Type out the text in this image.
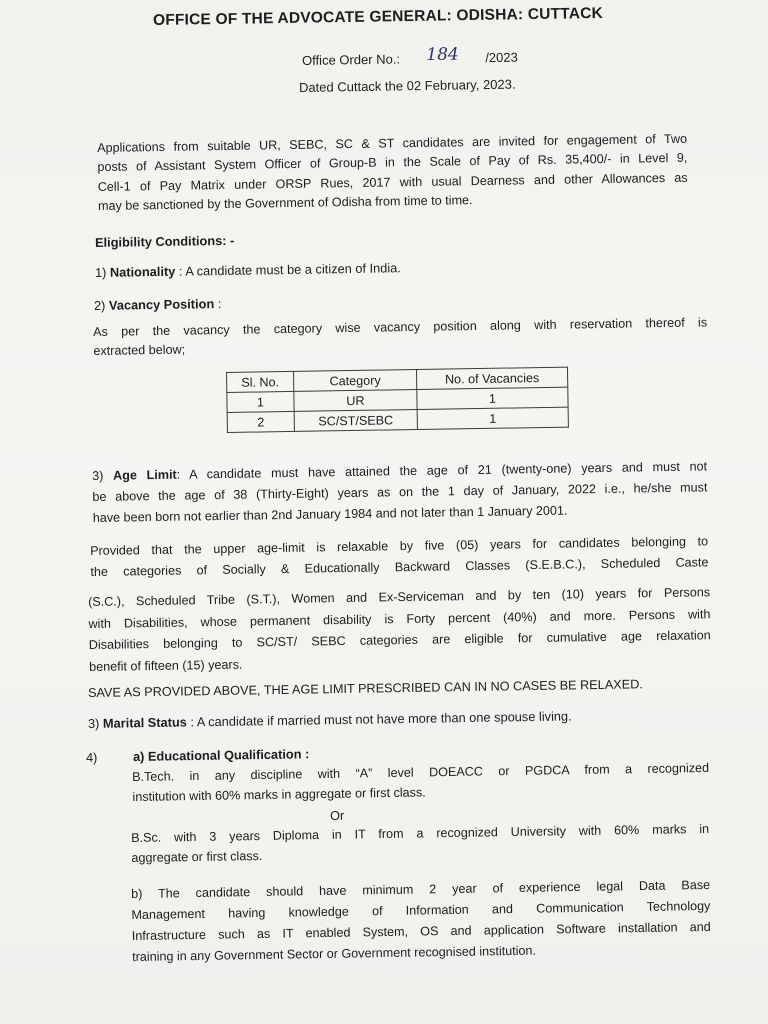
OFFICE OF THE ADVOCATE GENERAL: ODISHA: CUTTACK
Office Order No.: 184 /2023
Dated Cuttack the 02 February, 2023.
Applications from suitable UR, SEBC, SC & ST candidates are invited for engagement of Two
posts of Assistant System Officer of Group-B in the Scale of Pay of Rs. 35,400/- in Level 9,
Cell-1 of Pay Matrix under ORSP Rues, 2017 with usual Dearness and other Allowances as
may be sanctioned by the Government of Odisha from time to time.
Eligibility Conditions: -
1) Nationality : A candidate must be a citizen of India.
2) Vacancy Position :
As per the vacancy the category wise vacancy position along with reservation thereof is
extracted below;
Sl. No.	Category	No. of Vacancies
1	UR	1
2	SC/ST/SEBC	1
3) Age Limit: A candidate must have attained the age of 21 (twenty-one) years and must not
be above the age of 38 (Thirty-Eight) years as on the 1 day of January, 2022 i.e., he/she must
have been born not earlier than 2nd January 1984 and not later than 1 January 2001.
Provided that the upper age-limit is relaxable by five (05) years for candidates belonging to
the categories of Socially & Educationally Backward Classes (S.E.B.C.), Scheduled Caste
(S.C.), Scheduled Tribe (S.T.), Women and Ex-Serviceman and by ten (10) years for Persons
with Disabilities, whose permanent disability is Forty percent (40%) and more. Persons with
Disabilities belonging to SC/ST/ SEBC categories are eligible for cumulative age relaxation
benefit of fifteen (15) years.
SAVE AS PROVIDED ABOVE, THE AGE LIMIT PRESCRIBED CAN IN NO CASES BE RELAXED.
3) Marital Status : A candidate if married must not have more than one spouse living.
4)	a) Educational Qualification :
B.Tech. in any discipline with “A” level DOEACC or PGDCA from a recognized
institution with 60% marks in aggregate or first class.
Or
B.Sc. with 3 years Diploma in IT from a recognized University with 60% marks in
aggregate or first class.
b) The candidate should have minimum 2 year of experience legal Data Base
Management having knowledge of Information and Communication Technology
Infrastructure such as IT enabled System, OS and application Software installation and
training in any Government Sector or Government recognised institution.
